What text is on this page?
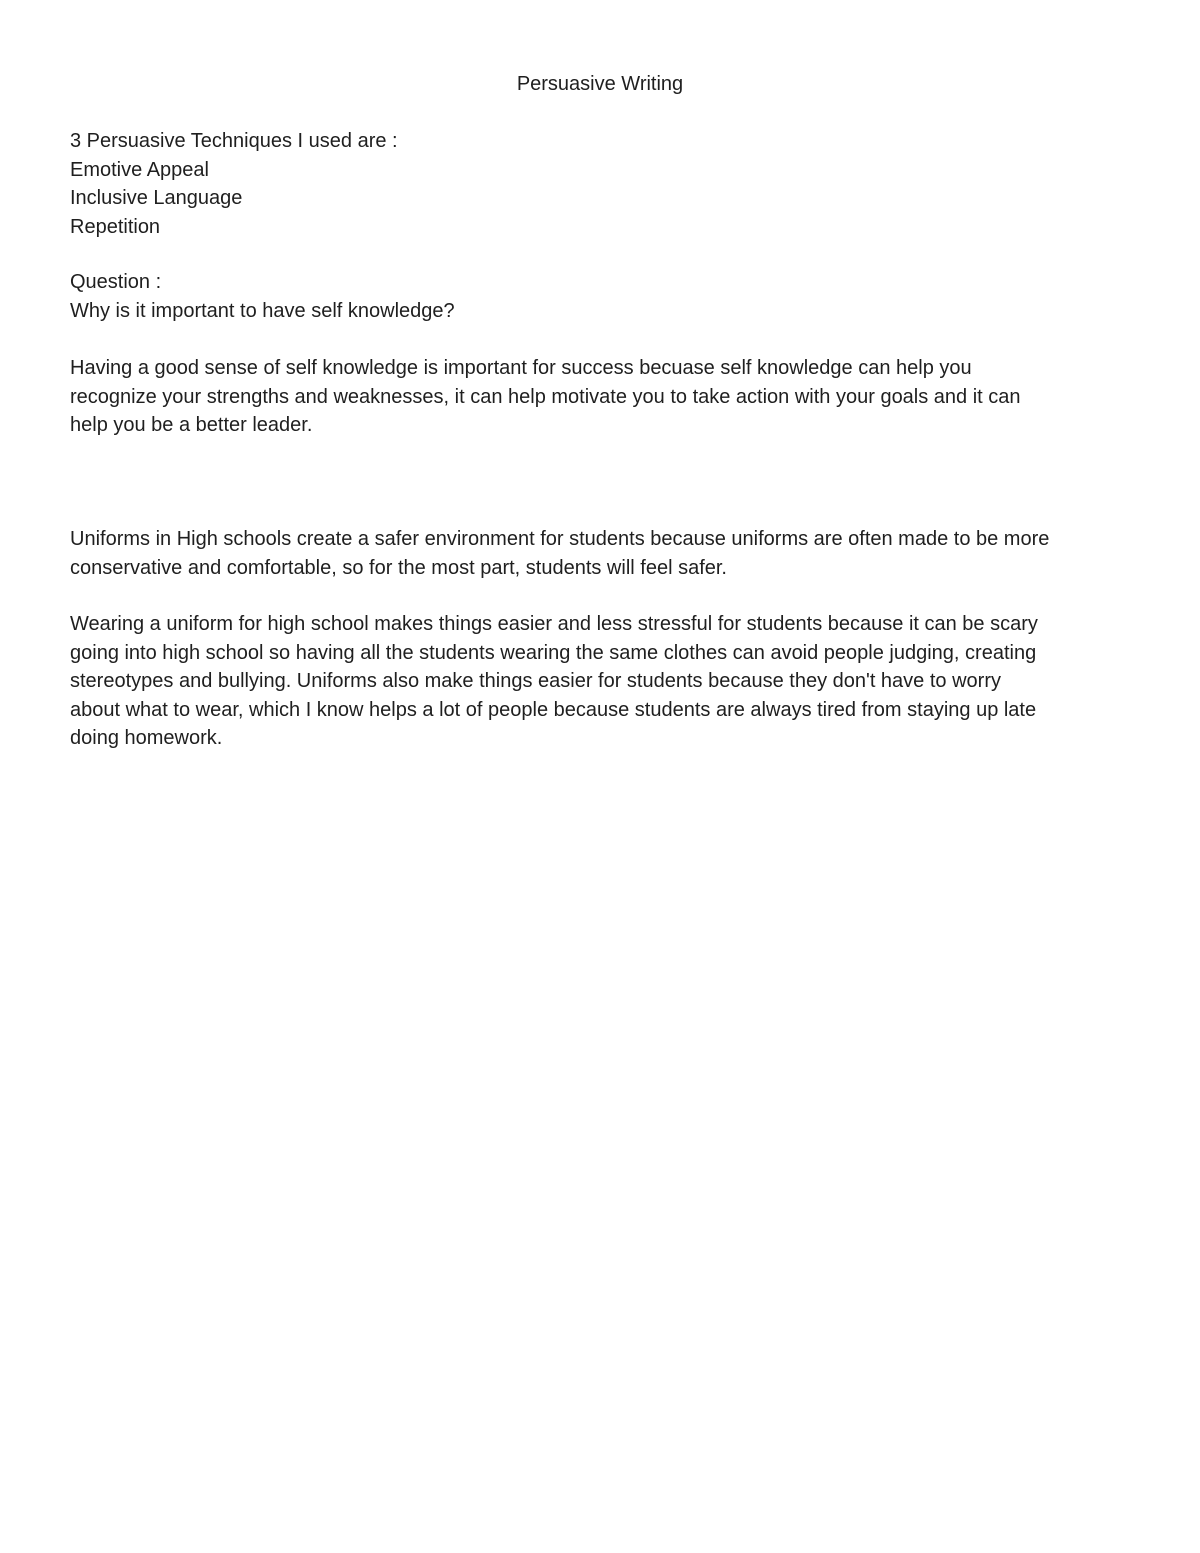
Persuasive Writing
3 Persuasive Techniques I used are :
Emotive Appeal
Inclusive Language
Repetition
Question :
Why is it important to have self knowledge?
Having a good sense of self knowledge is important for success becuase self knowledge can help you
recognize your strengths and weaknesses, it can help motivate you to take action with your goals and it can
help you be a better leader.
Uniforms in High schools create a safer environment for students because uniforms are often made to be more
conservative and comfortable, so for the most part, students will feel safer.
Wearing a uniform for high school makes things easier and less stressful for students because it can be scary
going into high school so having all the students wearing the same clothes can avoid people judging, creating
stereotypes and bullying. Uniforms also make things easier for students because they don't have to worry
about what to wear, which I know helps a lot of people because students are always tired from staying up late
doing homework.
